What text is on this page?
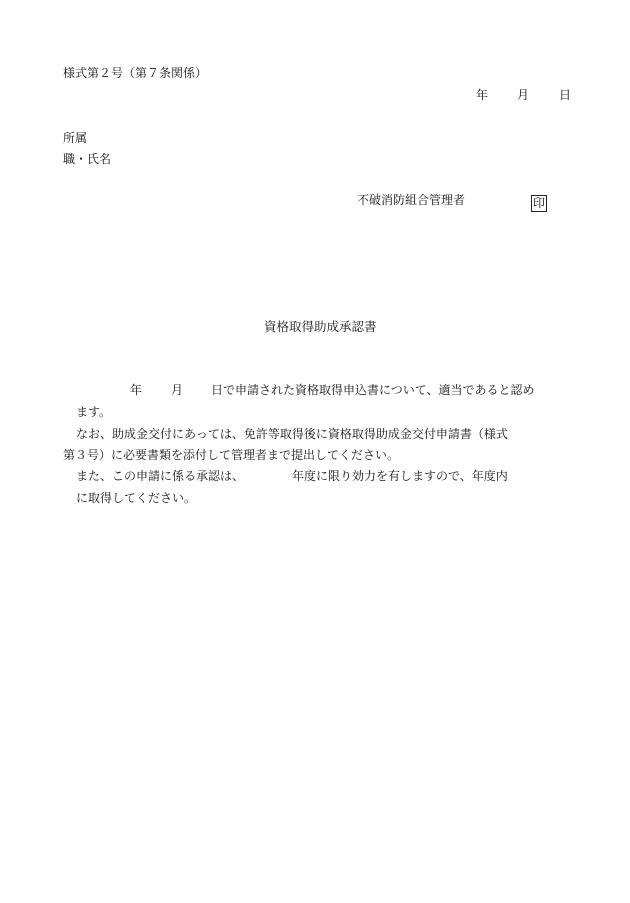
様式第２号（第７条関係）
年 月	日
所属
職・氏名
不破消防組合管理者	印
資格取得助成承認書
年 月 日で申請された資格取得申込書について、適当であると認め
ます。
なお、助成金交付にあっては、免許等取得後に資格取得助成金交付申請書（様式
第３号）に必要書類を添付して管理者まで提出してください。
また、この申請に係る承認は、	年度に限り効力を有しますので、年度内
に取得してください。
